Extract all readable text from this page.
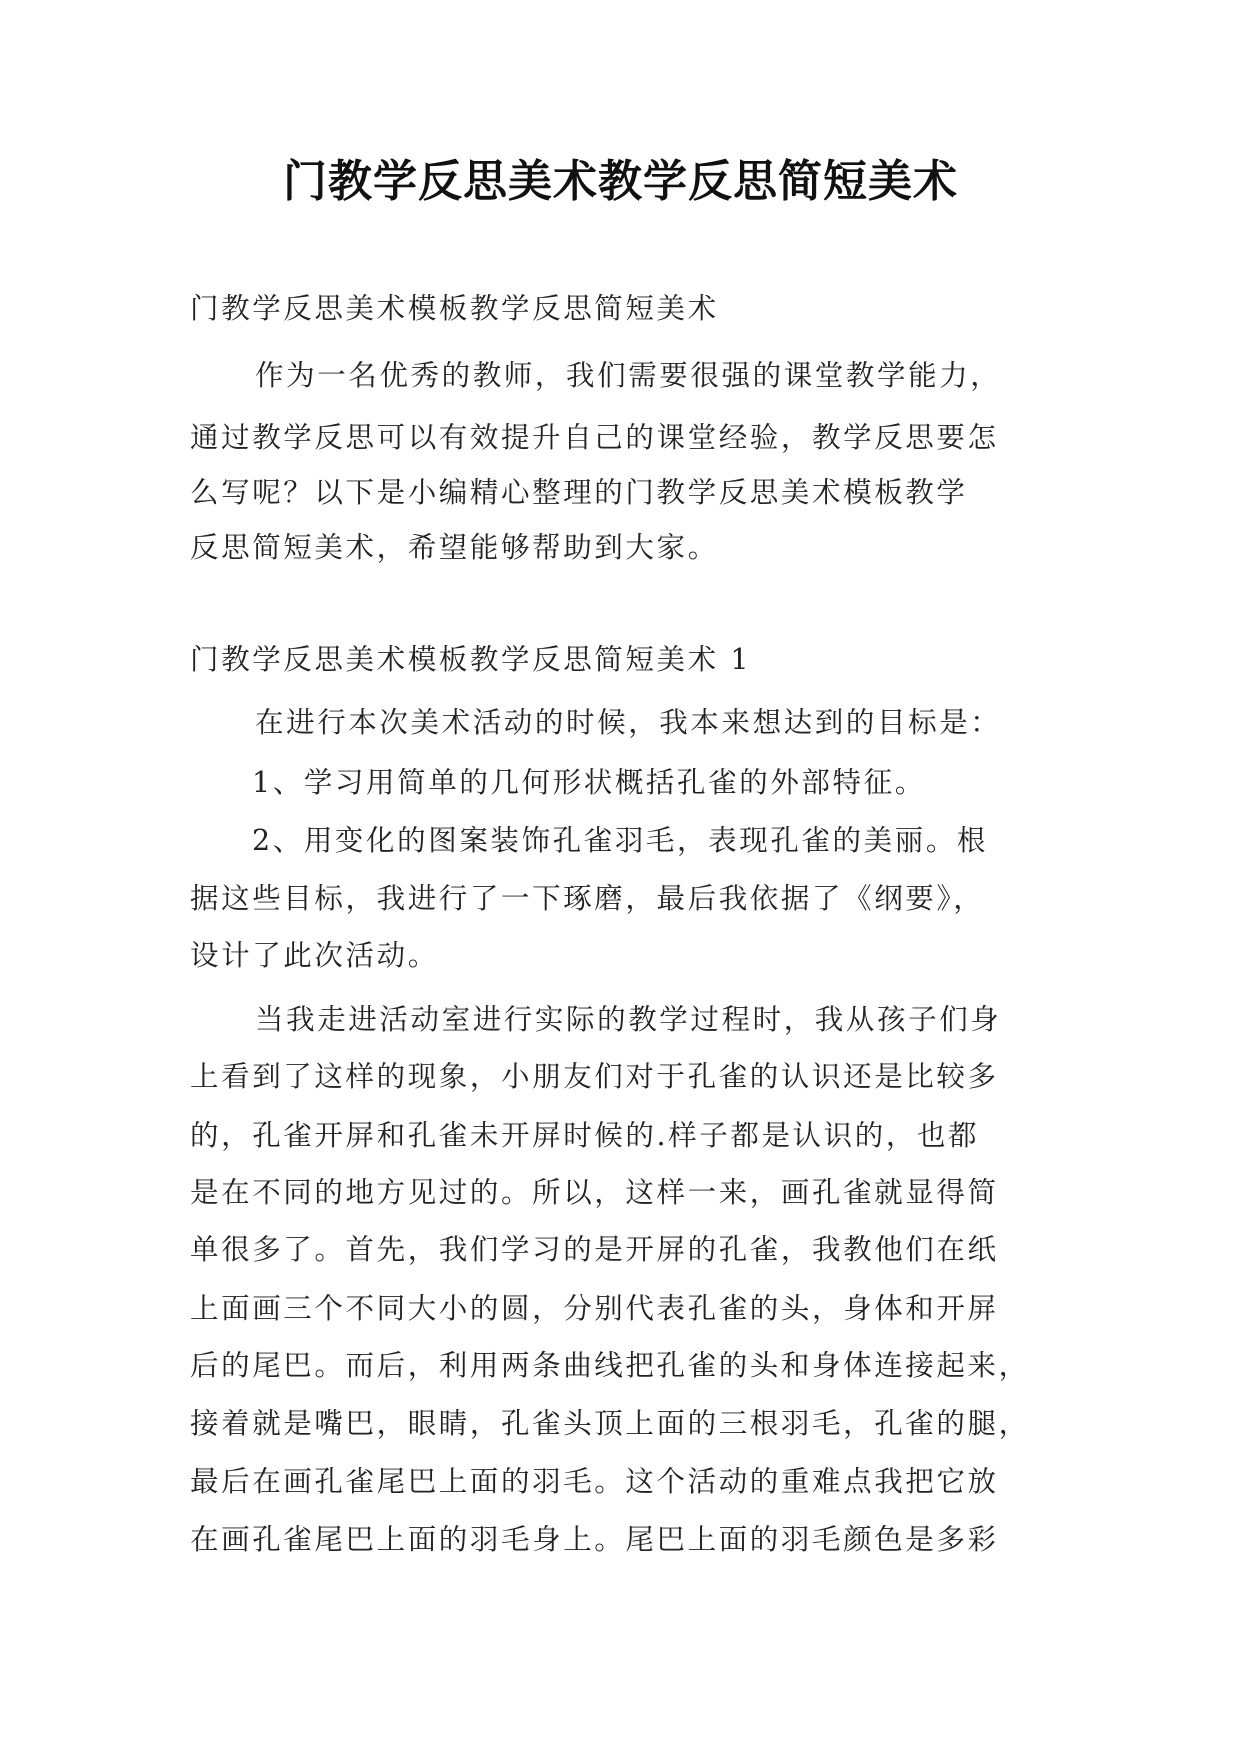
门教学反思美术教学反思简短美术
门教学反思美术模板教学反思简短美术
作为一名优秀的教师，我们需要很强的课堂教学能力，
通过教学反思可以有效提升自己的课堂经验，教学反思要怎
么写呢？以下是小编精心整理的门教学反思美术模板教学
反思简短美术，希望能够帮助到大家。
门教学反思美术模板教学反思简短美术 1
在进行本次美术活动的时候，我本来想达到的目标是：
1、学习用简单的几何形状概括孔雀的外部特征。
2、用变化的图案装饰孔雀羽毛，表现孔雀的美丽。根
据这些目标，我进行了一下琢磨，最后我依据了《纲要》，
设计了此次活动。
当我走进活动室进行实际的教学过程时，我从孩子们身
上看到了这样的现象，小朋友们对于孔雀的认识还是比较多
的，孔雀开屏和孔雀未开屏时候的.样子都是认识的，也都
是在不同的地方见过的。所以，这样一来，画孔雀就显得简
单很多了。首先，我们学习的是开屏的孔雀，我教他们在纸
上面画三个不同大小的圆，分别代表孔雀的头，身体和开屏
后的尾巴。而后，利用两条曲线把孔雀的头和身体连接起来，
接着就是嘴巴，眼睛，孔雀头顶上面的三根羽毛，孔雀的腿，
最后在画孔雀尾巴上面的羽毛。这个活动的重难点我把它放
在画孔雀尾巴上面的羽毛身上。尾巴上面的羽毛颜色是多彩
